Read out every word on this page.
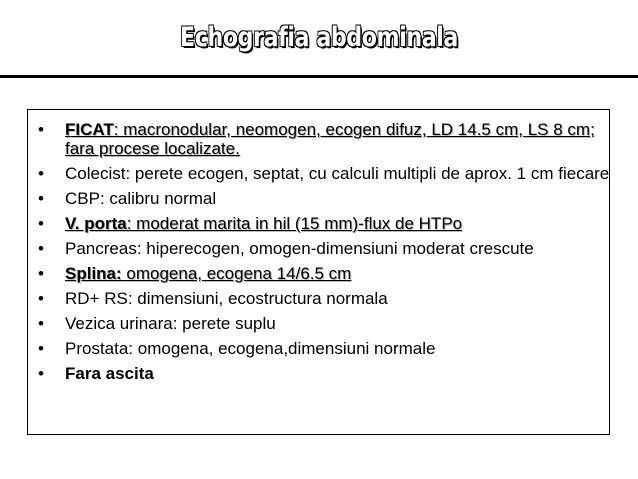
Echografia abdominala
•	FICAT: macronodular, neomogen, ecogen difuz, LD 14.5 cm, LS 8 cm; fara procese localizate.
•	Colecist: perete ecogen, septat, cu calculi multipli de aprox. 1 cm fiecare
•	CBP: calibru normal
•	V. porta: moderat marita in hil (15 mm)-flux de HTPo
•	Pancreas: hiperecogen, omogen-dimensiuni moderat crescute
•	Splina: omogena, ecogena 14/6.5 cm
•	RD+ RS: dimensiuni, ecostructura normala
•	Vezica urinara: perete suplu
•	Prostata: omogena, ecogena,dimensiuni normale
•	Fara ascita
